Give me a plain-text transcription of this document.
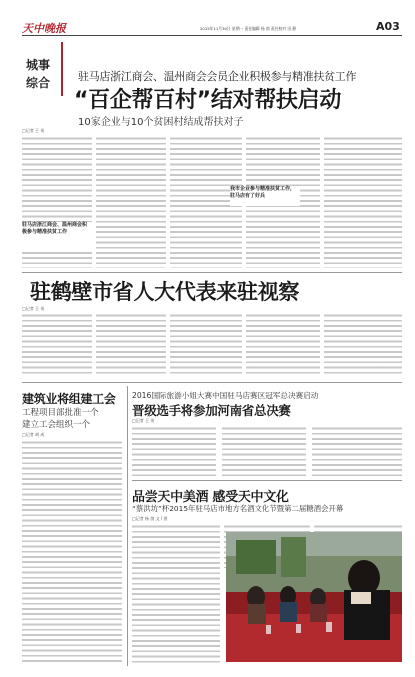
天中晚报	2015年11月30日 星期一 责任编辑 杨 茵 责任校对 田 静	A03
城事
综合	驻马店浙江商会、温州商会会员企业积极参与精准扶贫工作
“百企帮百村”结对帮扶启动
10家企业与10个贫困村结成帮扶对子
□记者 王 英
驻马店浙江商会、温州商会积
极参与精准扶贫工作
我市企业参与精准扶贫工作，
驻马店有了好兵
驻鹤壁市省人大代表来驻视察
□记者 王 英
建筑业将组建工会
工程项目部批准一个
建立工会组织一个
□记者 胡 成
2016国际旅游小姐大赛中国驻马店赛区冠军总决赛启动
晋级选手将参加河南省总决赛
□记者 王 英
品尝天中美酒 感受天中文化
“蔡洪坊”杯2015年驻马店市地方名酒文化节暨第二届糖酒会开幕
□记者 杨 茵 文 / 图
